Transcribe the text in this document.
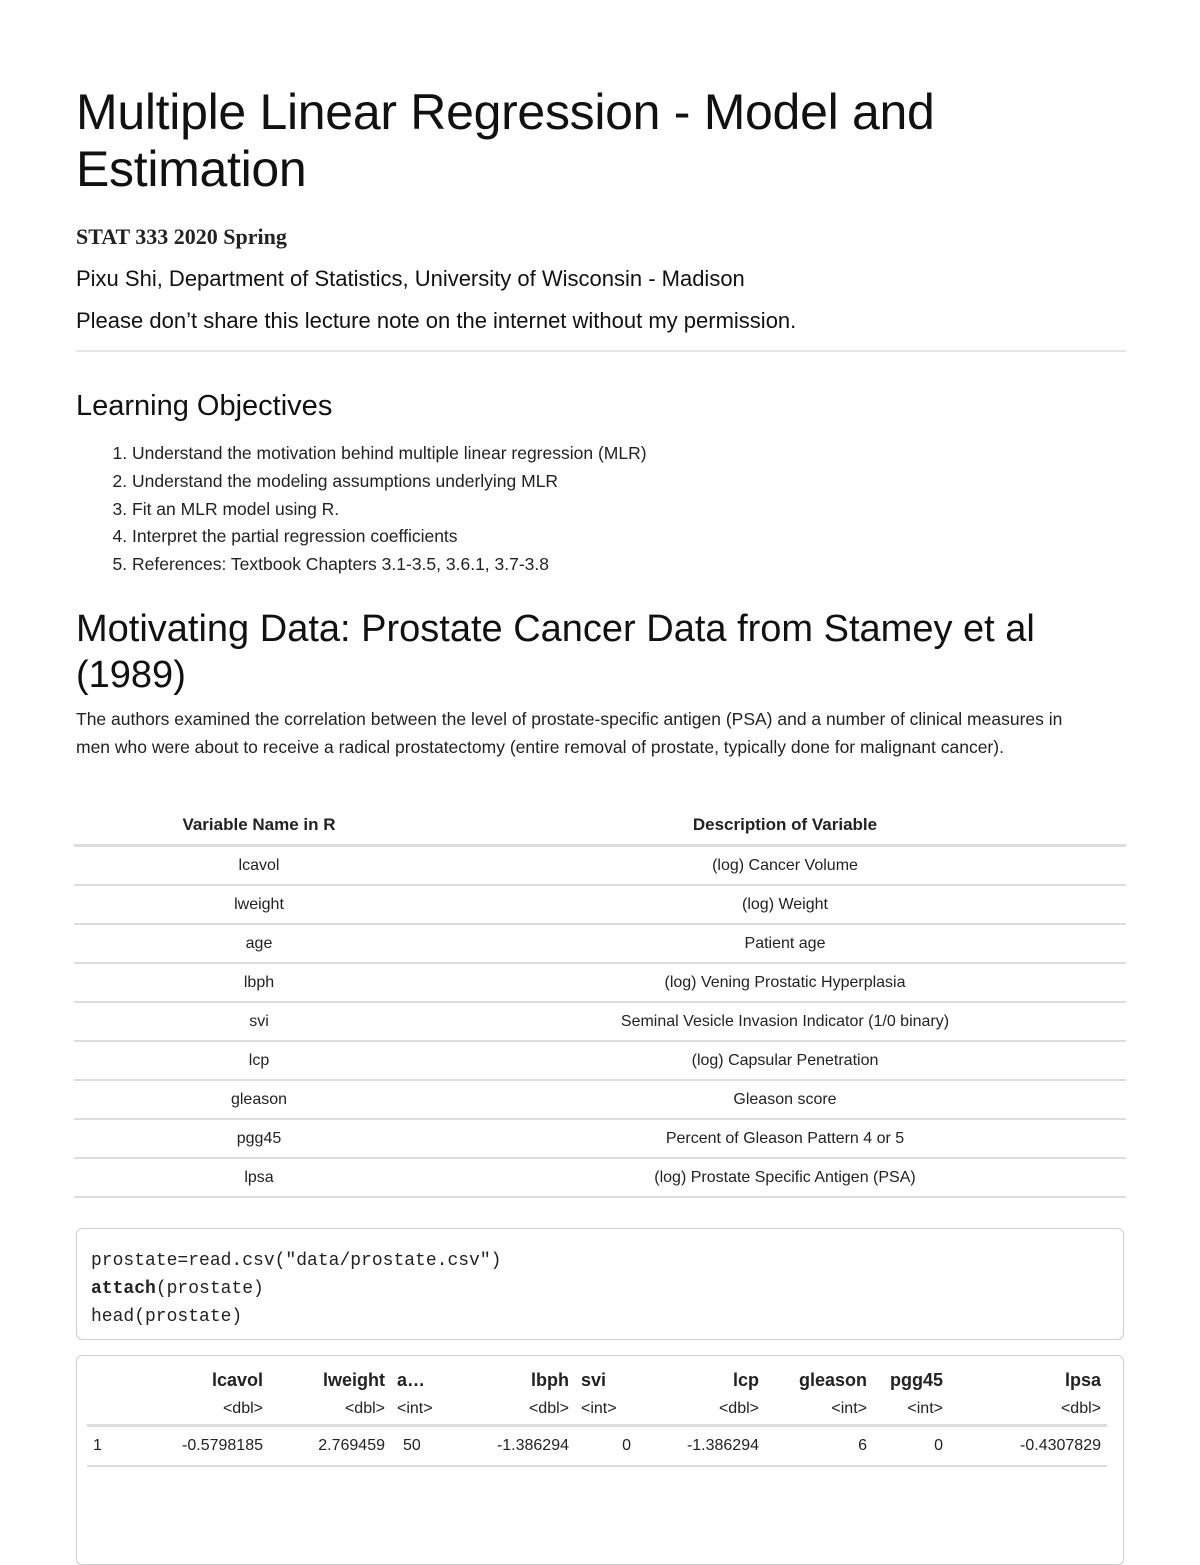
Multiple Linear Regression - Model and Estimation
STAT 333 2020 Spring
Pixu Shi, Department of Statistics, University of Wisconsin - Madison
Please don’t share this lecture note on the internet without my permission.
Learning Objectives
1. Understand the motivation behind multiple linear regression (MLR)
2. Understand the modeling assumptions underlying MLR
3. Fit an MLR model using R.
4. Interpret the partial regression coefficients
5. References: Textbook Chapters 3.1-3.5, 3.6.1, 3.7-3.8
Motivating Data: Prostate Cancer Data from Stamey et al (1989)

The authors examined the correlation between the level of prostate-specific antigen (PSA) and a number of clinical measures in men who were about to receive a radical prostatectomy (entire removal of prostate, typically done for malignant cancer).

Variable Name in R	Description of Variable
lcavol	(log) Cancer Volume
lweight	(log) Weight
age	Patient age
lbph	(log) Vening Prostatic Hyperplasia
svi	Seminal Vesicle Invasion Indicator (1/0 binary)
lcp	(log) Capsular Penetration
gleason	Gleason score
pgg45	Percent of Gleason Pattern 4 or 5
lpsa	(log) Prostate Specific Antigen (PSA)
prostate=read.csv("data/prostate.csv")
attach(prostate)
head(prostate)
	lcavol	lweight	a…	lbph	svi	lcp	gleason	pgg45	lpsa
	<dbl>	<dbl>	<int>	<dbl>	<int>	<dbl>	<int>	<int>	<dbl>
1	-0.5798185	2.769459	50	-1.386294	0	-1.386294	6	0	-0.4307829
